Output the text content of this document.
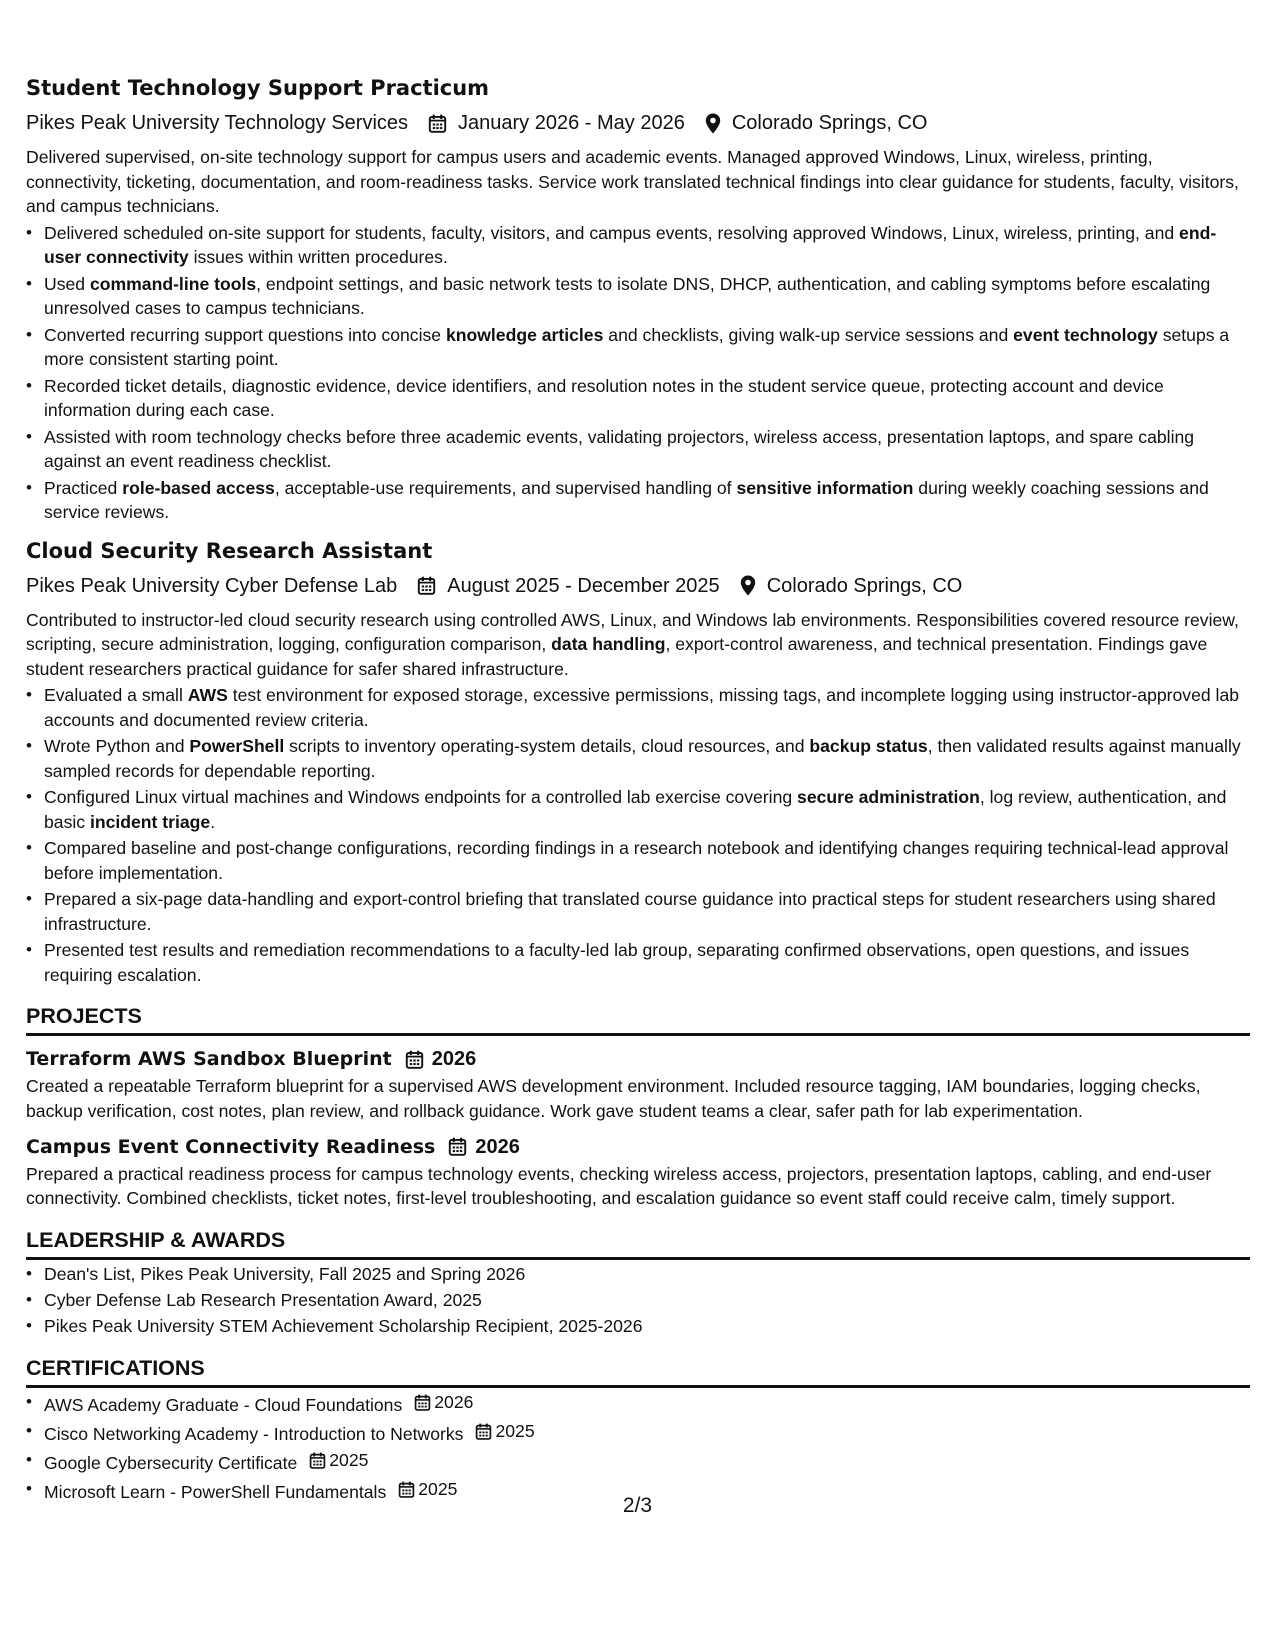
Student Technology Support Practicum
Pikes Peak University Technology Services	January 2026 - May 2026 Colorado Springs, CO

Delivered supervised, on-site technology support for campus users and academic events. Managed approved Windows, Linux, wireless, printing, connectivity, ticketing, documentation, and room-readiness tasks. Service work translated technical findings into clear guidance for students, faculty, visitors, and campus technicians.

• Delivered scheduled on-site support for students, faculty, visitors, and campus events, resolving approved Windows, Linux, wireless, printing, and end-user connectivity issues within written procedures.
• Used command-line tools, endpoint settings, and basic network tests to isolate DNS, DHCP, authentication, and cabling symptoms before escalating unresolved cases to campus technicians.
• Converted recurring support questions into concise knowledge articles and checklists, giving walk-up service sessions and event technology setups a more consistent starting point.
• Recorded ticket details, diagnostic evidence, device identifiers, and resolution notes in the student service queue, protecting account and device information during each case.
• Assisted with room technology checks before three academic events, validating projectors, wireless access, presentation laptops, and spare cabling against an event readiness checklist.
• Practiced role-based access, acceptable-use requirements, and supervised handling of sensitive information during weekly coaching sessions and service reviews.
Cloud Security Research Assistant
Pikes Peak University Cyber Defense Lab	August 2025 - December 2025 Colorado Springs, CO

Contributed to instructor-led cloud security research using controlled AWS, Linux, and Windows lab environments. Responsibilities covered resource review, scripting, secure administration, logging, configuration comparison, data handling, export-control awareness, and technical presentation. Findings gave student researchers practical guidance for safer shared infrastructure.

• Evaluated a small AWS test environment for exposed storage, excessive permissions, missing tags, and incomplete logging using instructor-approved lab accounts and documented review criteria.
• Wrote Python and PowerShell scripts to inventory operating-system details, cloud resources, and backup status, then validated results against manually sampled records for dependable reporting.
• Configured Linux virtual machines and Windows endpoints for a controlled lab exercise covering secure administration, log review, authentication, and basic incident triage.
• Compared baseline and post-change configurations, recording findings in a research notebook and identifying changes requiring technical-lead approval before implementation.
• Prepared a six-page data-handling and export-control briefing that translated course guidance into practical steps for student researchers using shared infrastructure.
• Presented test results and remediation recommendations to a faculty-led lab group, separating confirmed observations, open questions, and issues requiring escalation.
PROJECTS
Terraform AWS Sandbox Blueprint 2026

Created a repeatable Terraform blueprint for a supervised AWS development environment. Included resource tagging, IAM boundaries, logging checks, backup verification, cost notes, plan review, and rollback guidance. Work gave student teams a clear, safer path for lab experimentation.

Campus Event Connectivity Readiness 2026

Prepared a practical readiness process for campus technology events, checking wireless access, projectors, presentation laptops, cabling, and end-user connectivity. Combined checklists, ticket notes, first-level troubleshooting, and escalation guidance so event staff could receive calm, timely support.

LEADERSHIP & AWARDS
• Dean's List, Pikes Peak University, Fall 2025 and Spring 2026
• Cyber Defense Lab Research Presentation Award, 2025
• Pikes Peak University STEM Achievement Scholarship Recipient, 2025-2026
CERTIFICATIONS
• AWS Academy Graduate - Cloud Foundations 2026
• Cisco Networking Academy - Introduction to Networks 2025
• Google Cybersecurity Certificate 2025
• Microsoft Learn - PowerShell Fundamentals 2025
2/3
